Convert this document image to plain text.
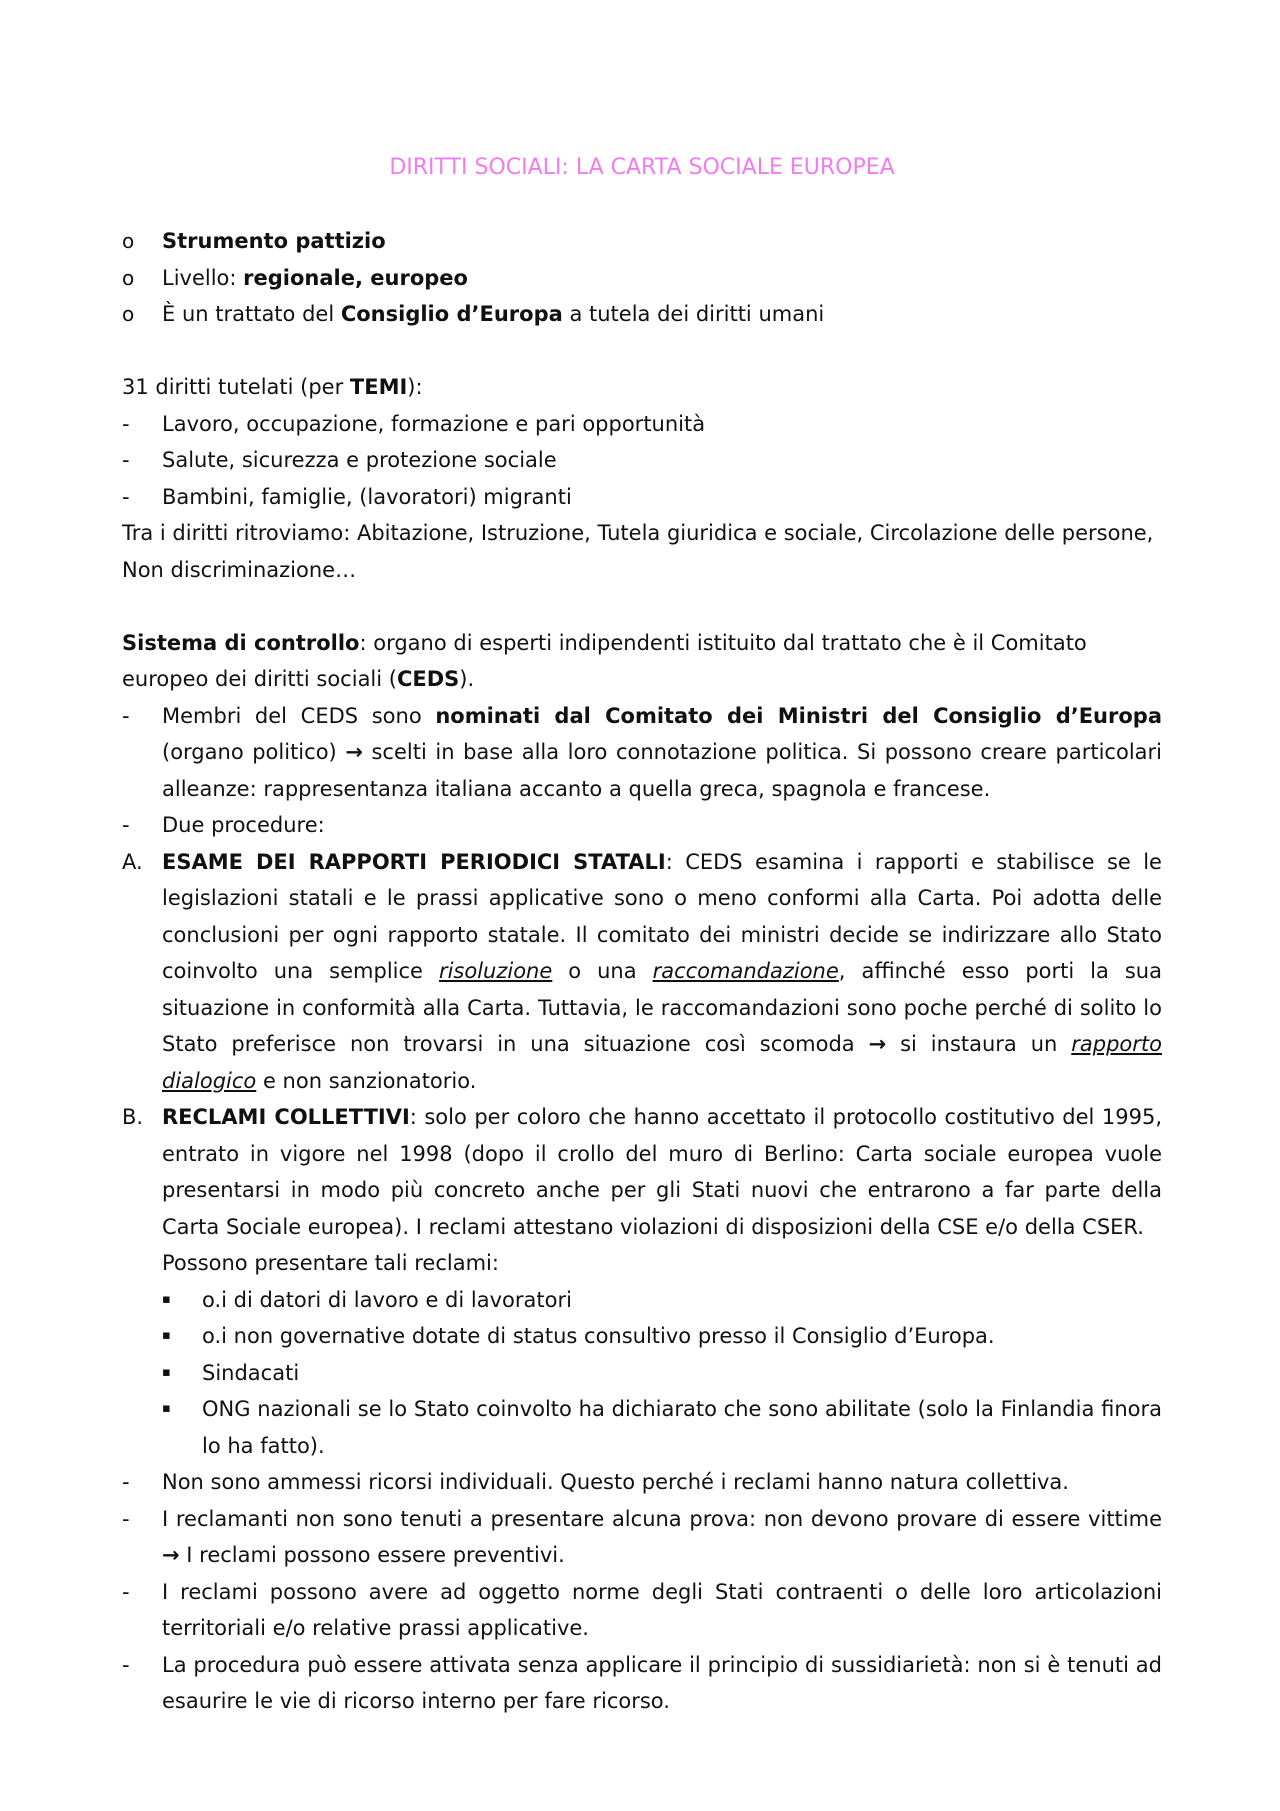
DIRITTI SOCIALI: LA CARTA SOCIALE EUROPEA
o	Strumento pattizio
o	Livello: regionale, europeo
o	È un trattato del Consiglio d’Europa a tutela dei diritti umani
31 diritti tutelati (per TEMI):
-	Lavoro, occupazione, formazione e pari opportunità
-	Salute, sicurezza e protezione sociale
-	Bambini, famiglie, (lavoratori) migranti
Tra i diritti ritroviamo: Abitazione, Istruzione, Tutela giuridica e sociale, Circolazione delle persone, Non discriminazione…
Sistema di controllo: organo di esperti indipendenti istituito dal trattato che è il Comitato europeo dei diritti sociali (CEDS).
-	Membri del CEDS sono nominati dal Comitato dei Ministri del Consiglio d’Europa (organo politico) → scelti in base alla loro connotazione politica. Si possono creare particolari alleanze: rappresentanza italiana accanto a quella greca, spagnola e francese.
-	Due procedure:
A. ESAME DEI RAPPORTI PERIODICI STATALI: CEDS esamina i rapporti e stabilisce se le legislazioni statali e le prassi applicative sono o meno conformi alla Carta. Poi adotta delle conclusioni per ogni rapporto statale. Il comitato dei ministri decide se indirizzare allo Stato coinvolto una semplice risoluzione o una raccomandazione, affinché esso porti la sua situazione in conformità alla Carta. Tuttavia, le raccomandazioni sono poche perché di solito lo Stato preferisce non trovarsi in una situazione così scomoda → si instaura un rapporto dialogico e non sanzionatorio.
B. RECLAMI COLLETTIVI: solo per coloro che hanno accettato il protocollo costitutivo del 1995, entrato in vigore nel 1998 (dopo il crollo del muro di Berlino: Carta sociale europea vuole presentarsi in modo più concreto anche per gli Stati nuovi che entrarono a far parte della Carta Sociale europea). I reclami attestano violazioni di disposizioni della CSE e/o della CSER.
Possono presentare tali reclami:
▪	o.i di datori di lavoro e di lavoratori
▪	o.i non governative dotate di status consultivo presso il Consiglio d’Europa.
▪	Sindacati
▪	ONG nazionali se lo Stato coinvolto ha dichiarato che sono abilitate (solo la Finlandia finora lo ha fatto).
-	Non sono ammessi ricorsi individuali. Questo perché i reclami hanno natura collettiva.
-	I reclamanti non sono tenuti a presentare alcuna prova: non devono provare di essere vittime → I reclami possono essere preventivi.
-	I reclami possono avere ad oggetto norme degli Stati contraenti o delle loro articolazioni territoriali e/o relative prassi applicative.
-	La procedura può essere attivata senza applicare il principio di sussidiarietà: non si è tenuti ad esaurire le vie di ricorso interno per fare ricorso.
